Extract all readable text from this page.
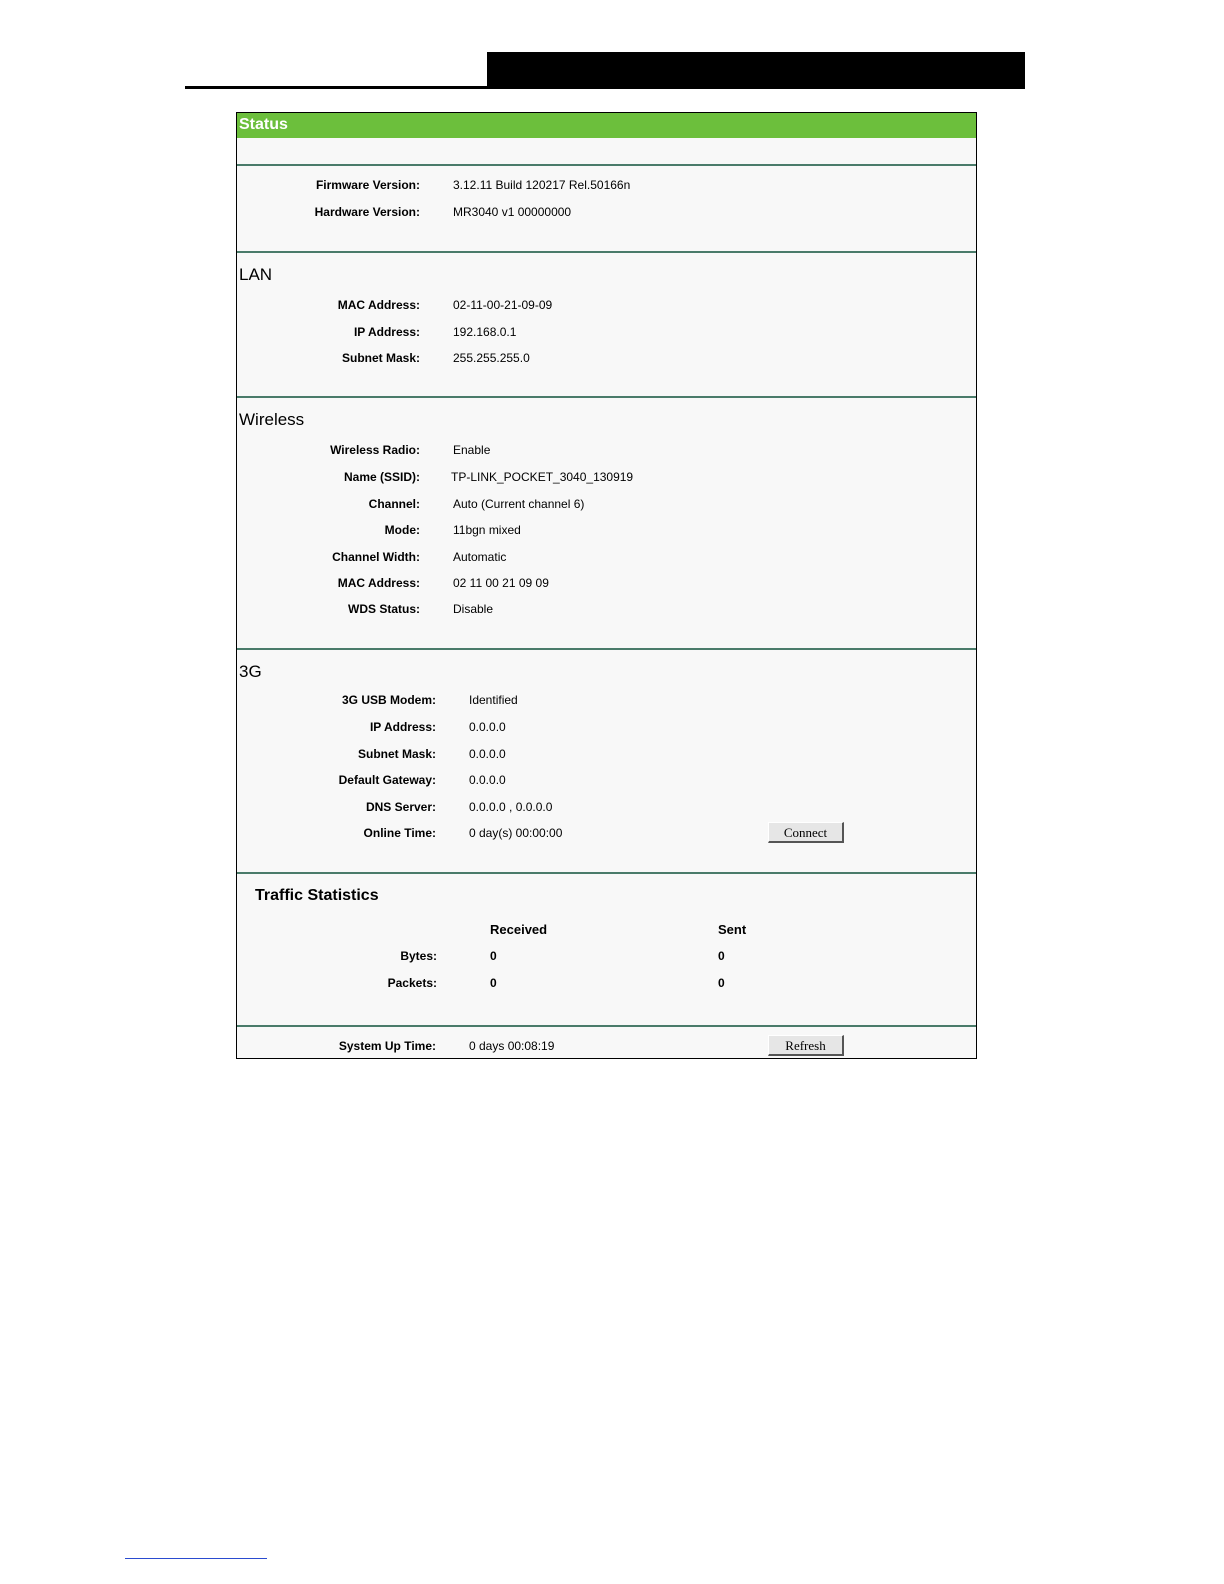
Status
Firmware Version:	3.12.11 Build 120217 Rel.50166n
Hardware Version:	MR3040 v1 00000000
LAN
MAC Address:	02-11-00-21-09-09
IP Address:	192.168.0.1
Subnet Mask:	255.255.255.0
Wireless
Wireless Radio:	Enable
Name (SSID):	TP-LINK_POCKET_3040_130919
Channel:	Auto (Current channel 6)
Mode:	11bgn mixed
Channel Width:	Automatic
MAC Address:	02 11 00 21 09 09
WDS Status:	Disable
3G
3G USB Modem:	Identified
IP Address:	0.0.0.0
Subnet Mask:	0.0.0.0
Default Gateway:	0.0.0.0
DNS Server:	0.0.0.0 , 0.0.0.0
Online Time:	0 day(s) 00:00:00	Connect
Traffic Statistics
Received	Sent
Bytes:	0	0
Packets:	0	0
System Up Time:	0 days 00:08:19	Refresh
